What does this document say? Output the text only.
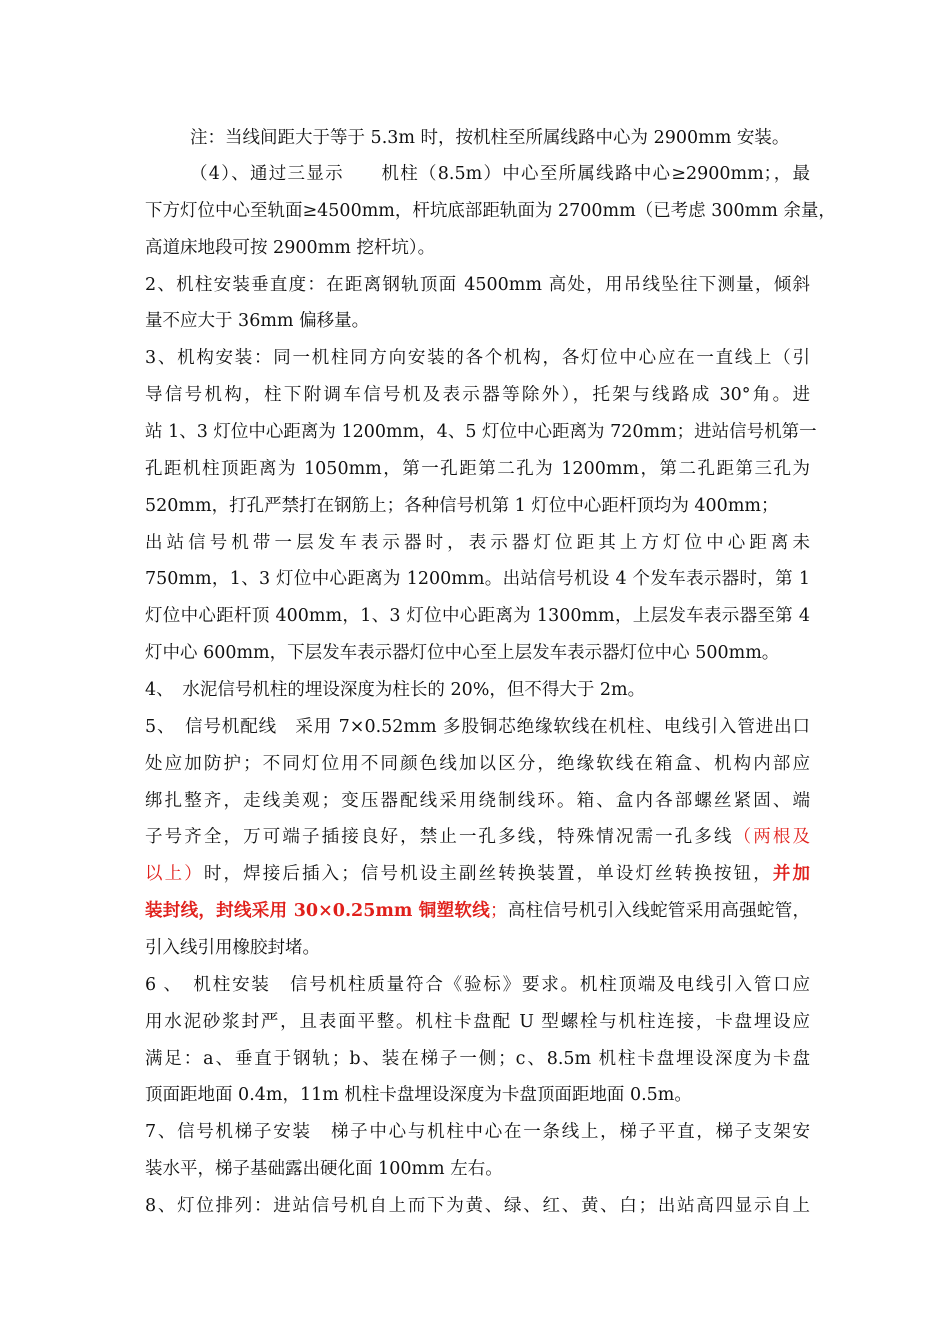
注：当线间距大于等于 5.3m 时，按机柱至所属线路中心为 2900mm 安装。
（4）、通过三显示　　机柱（8.5m）中心至所属线路中心≥2900mm；，最
下方灯位中心至轨面≥4500mm，杆坑底部距轨面为 2700mm（已考虑 300mm 余量，
高道床地段可按 2900mm 挖杆坑）。
2、机柱安装垂直度：在距离钢轨顶面 4500mm 高处，用吊线坠往下测量，倾斜
量不应大于 36mm 偏移量。
3、机构安装：同一机柱同方向安装的各个机构，各灯位中心应在一直线上（引
导信号机构，柱下附调车信号机及表示器等除外），托架与线路成 30°角。进
站 1、3 灯位中心距离为 1200mm，4、5 灯位中心距离为 720mm；进站信号机第一
孔距机柱顶距离为 1050mm，第一孔距第二孔为 1200mm，第二孔距第三孔为
520mm，打孔严禁打在钢筋上；各种信号机第 1 灯位中心距杆顶均为 400mm；
出站信号机带一层发车表示器时，表示器灯位距其上方灯位中心距离未
750mm，1、3 灯位中心距离为 1200mm。出站信号机设 4 个发车表示器时，第 1
灯位中心距杆顶 400mm，1、3 灯位中心距离为 1300mm，上层发车表示器至第 4
灯中心 600mm，下层发车表示器灯位中心至上层发车表示器灯位中心 500mm。
4、　水泥信号机柱的埋设深度为柱长的 20%，但不得大于 2m。
5、　信号机配线　采用 7×0.52mm 多股铜芯绝缘软线在机柱、电线引入管进出口
处应加防护；不同灯位用不同颜色线加以区分，绝缘软线在箱盒、机构内部应
绑扎整齐，走线美观；变压器配线采用绕制线环。箱、盒内各部螺丝紧固、端
子号齐全，万可端子插接良好，禁止一孔多线，特殊情况需一孔多线（两根及
以上）时，焊接后插入；信号机设主副丝转换装置，单设灯丝转换按钮，并加
装封线，封线采用 30×0.25mm 铜塑软线；高柱信号机引入线蛇管采用高强蛇管，
引入线引用橡胶封堵。
6 、　机柱安装　信号机柱质量符合《验标》要求。机柱顶端及电线引入管口应
用水泥砂浆封严，且表面平整。机柱卡盘配 U 型螺栓与机柱连接，卡盘埋设应
满足：a、垂直于钢轨；b、装在梯子一侧；c、8.5m 机柱卡盘埋设深度为卡盘
顶面距地面 0.4m，11m 机柱卡盘埋设深度为卡盘顶面距地面 0.5m。
7、信号机梯子安装　梯子中心与机柱中心在一条线上，梯子平直，梯子支架安
装水平，梯子基础露出硬化面 100mm 左右。
8、灯位排列：进站信号机自上而下为黄、绿、红、黄、白；出站高四显示自上
